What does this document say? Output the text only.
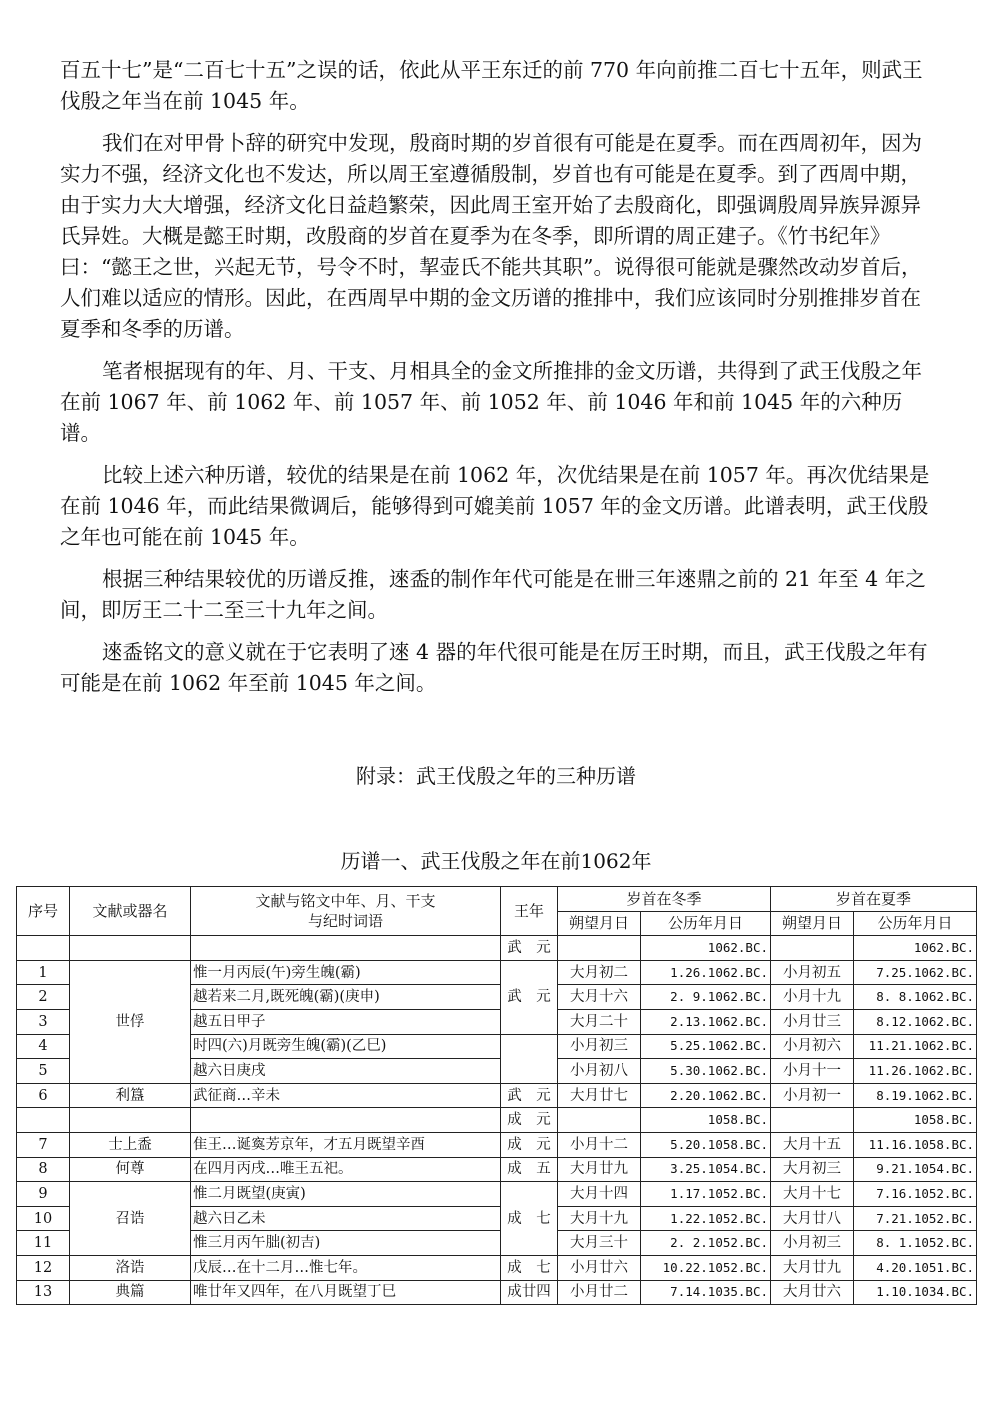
百五十七”是“二百七十五”之误的话，依此从平王东迁的前 770 年向前推二百七十五年，则武王伐殷之年当在前 1045 年。

我们在对甲骨卜辞的研究中发现，殷商时期的岁首很有可能是在夏季。而在西周初年，因为实力不强，经济文化也不发达，所以周王室遵循殷制，岁首也有可能是在夏季。到了西周中期，由于实力大大增强，经济文化日益趋繁荣，因此周王室开始了去殷商化，即强调殷周异族异源异氏异姓。大概是懿王时期，改殷商的岁首在夏季为在冬季，即所谓的周正建子。《竹书纪年》曰：“懿王之世，兴起无节，号令不时，挈壶氏不能共其职”。说得很可能就是骤然改动岁首后，人们难以适应的情形。因此，在西周早中期的金文历谱的推排中，我们应该同时分别推排岁首在夏季和冬季的历谱。

笔者根据现有的年、月、干支、月相具全的金文所推排的金文历谱，共得到了武王伐殷之年在前 1067 年、前 1062 年、前 1057 年、前 1052 年、前 1046 年和前 1045 年的六种历谱。

比较上述六种历谱，较优的结果是在前 1062 年，次优结果是在前 1057 年。再次优结果是在前 1046 年，而此结果微调后，能够得到可媲美前 1057 年的金文历谱。此谱表明，武王伐殷之年也可能在前 1045 年。

根据三种结果较优的历谱反推，逨盉的制作年代可能是在卌三年逨鼎之前的 21 年至 4 年之间，即厉王二十二至三十九年之间。

逨盉铭文的意义就在于它表明了逨 4 器的年代很可能是在厉王时期，而且，武王伐殷之年有可能是在前 1062 年至前 1045 年之间。

附录：武王伐殷之年的三种历谱
历谱一、武王伐殷之年在前1062年
序号	文献或器名	文献与铭文中年、月、干支
与纪时词语	王年	岁首在冬季		岁首在夏季	
				朔望月日	公历年月日	朔望月日	公历年月日
			武　元		1062.BC.		1062.BC.
1	世俘	惟一月丙辰(午)旁生魄(霸)	武　元	大月初二	1.26.1062.BC.	小月初五	7.25.1062.BC.
2		越若来二月,既死魄(霸)(庚申)		大月十六	2. 9.1062.BC.	小月十九	8. 8.1062.BC.
3		越五日甲子		大月二十	2.13.1062.BC.	小月廿三	8.12.1062.BC.
4		时四(六)月既旁生魄(霸)(乙巳)		小月初三	5.25.1062.BC.	小月初六	11.21.1062.BC.
5		越六日庚戌		小月初八	5.30.1062.BC.	小月十一	11.26.1062.BC.
6	利簋	武征商…辛未	武　元	大月廿七	2.20.1062.BC.	小月初一	8.19.1062.BC.
			成　元		1058.BC.		1058.BC.
7	士上盉	隹王…诞寏芳京年，才五月既望辛酉	成　元	小月十二	5.20.1058.BC.	大月十五	11.16.1058.BC.
8	何尊	在四月丙戌…唯王五祀。	成　五	大月廿九	3.25.1054.BC.	大月初三	9.21.1054.BC.
9	召诰	惟二月既望(庚寅)	成　七	大月十四	1.17.1052.BC.	大月十七	7.16.1052.BC.
10		越六日乙未		大月十九	1.22.1052.BC.	大月廿八	7.21.1052.BC.
11		惟三月丙午朏(初吉)		大月三十	2. 2.1052.BC.	小月初三	8. 1.1052.BC.
12	洛诰	戊辰…在十二月…惟七年。	成　七	小月廿六	10.22.1052.BC.	大月廿九	4.20.1051.BC.
13	典篇	唯廿年又四年，在八月既望丁巳	成廿四	小月廿二	7.14.1035.BC.	大月廿六	1.10.1034.BC.
